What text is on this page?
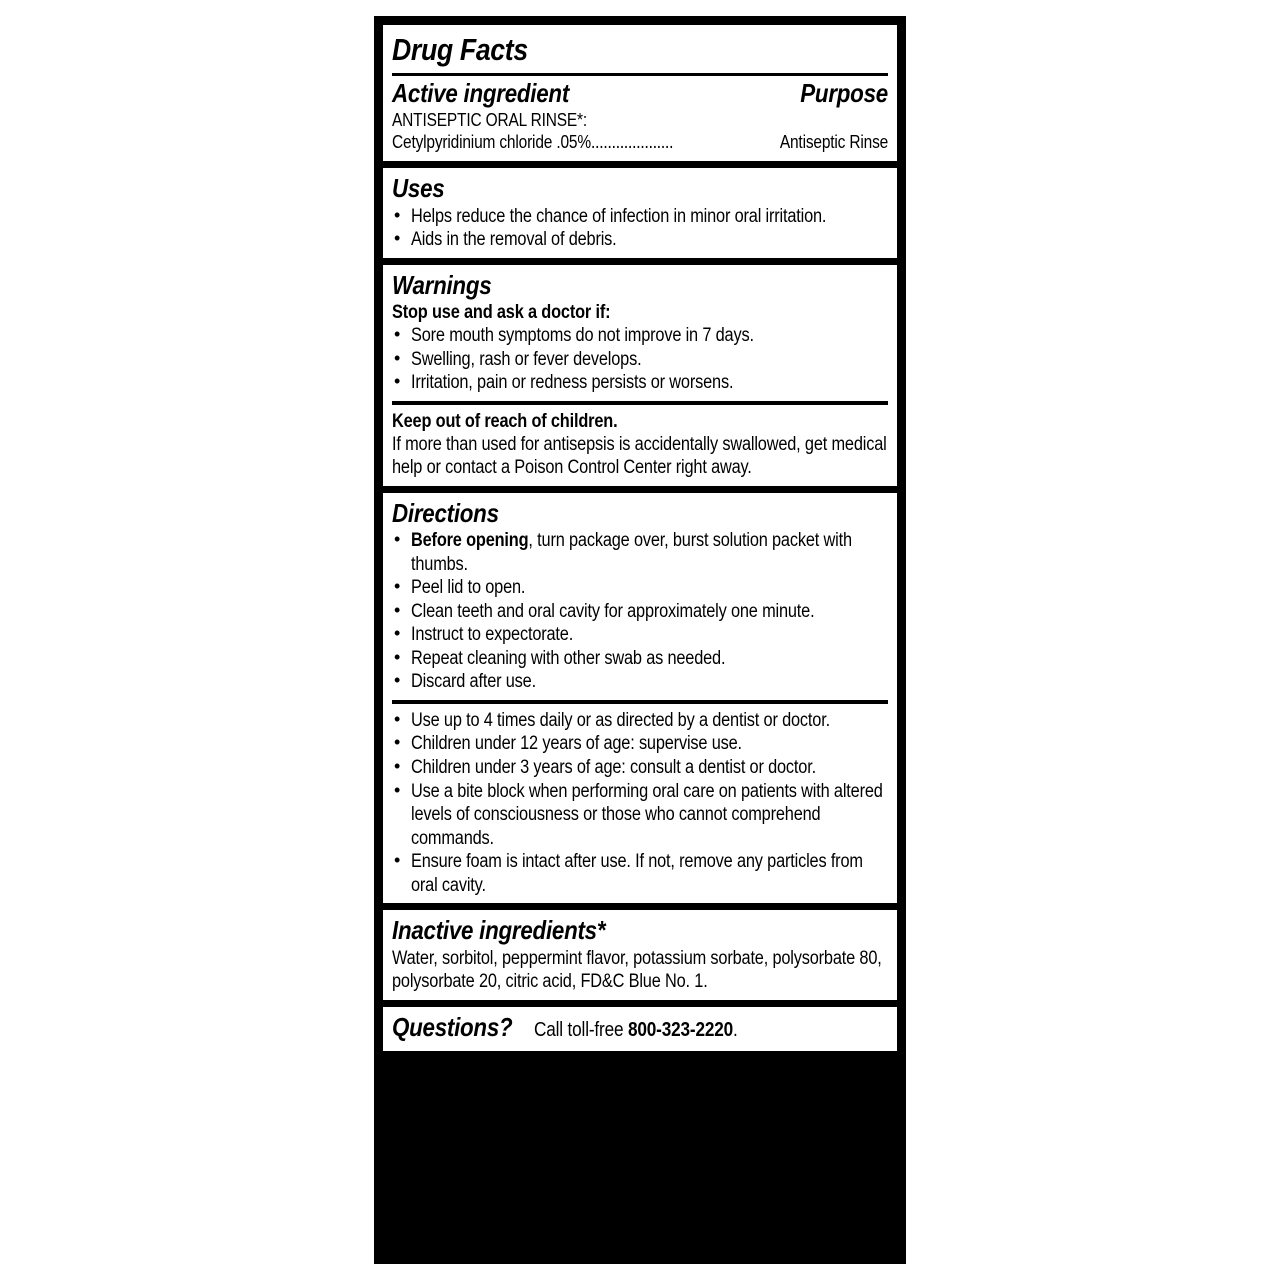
Drug Facts
Active ingredient	Purpose
ANTISEPTIC ORAL RINSE*:
Cetylpyridinium chloride .05% ....................	Antiseptic Rinse
Uses
• Helps reduce the chance of infection in minor oral irritation.
• Aids in the removal of debris.
Warnings
Stop use and ask a doctor if:
• Sore mouth symptoms do not improve in 7 days.
• Swelling, rash or fever develops.
• Irritation, pain or redness persists or worsens.
Keep out of reach of children.
If more than used for antisepsis is accidentally swallowed, get medical help or contact a Poison Control Center right away.
Directions
• Before opening, turn package over, burst solution packet with thumbs.
• Peel lid to open.
• Clean teeth and oral cavity for approximately one minute.
• Instruct to expectorate.
• Repeat cleaning with other swab as needed.
• Discard after use.
• Use up to 4 times daily or as directed by a dentist or doctor.
• Children under 12 years of age: supervise use.
• Children under 3 years of age: consult a dentist or doctor.
• Use a bite block when performing oral care on patients with altered levels of consciousness or those who cannot comprehend commands.
• Ensure foam is intact after use. If not, remove any particles from oral cavity.
Inactive ingredients*
Water, sorbitol, peppermint flavor, potassium sorbate, polysorbate 80, polysorbate 20, citric acid, FD&C Blue No. 1.
Questions? Call toll-free 800-323-2220.
